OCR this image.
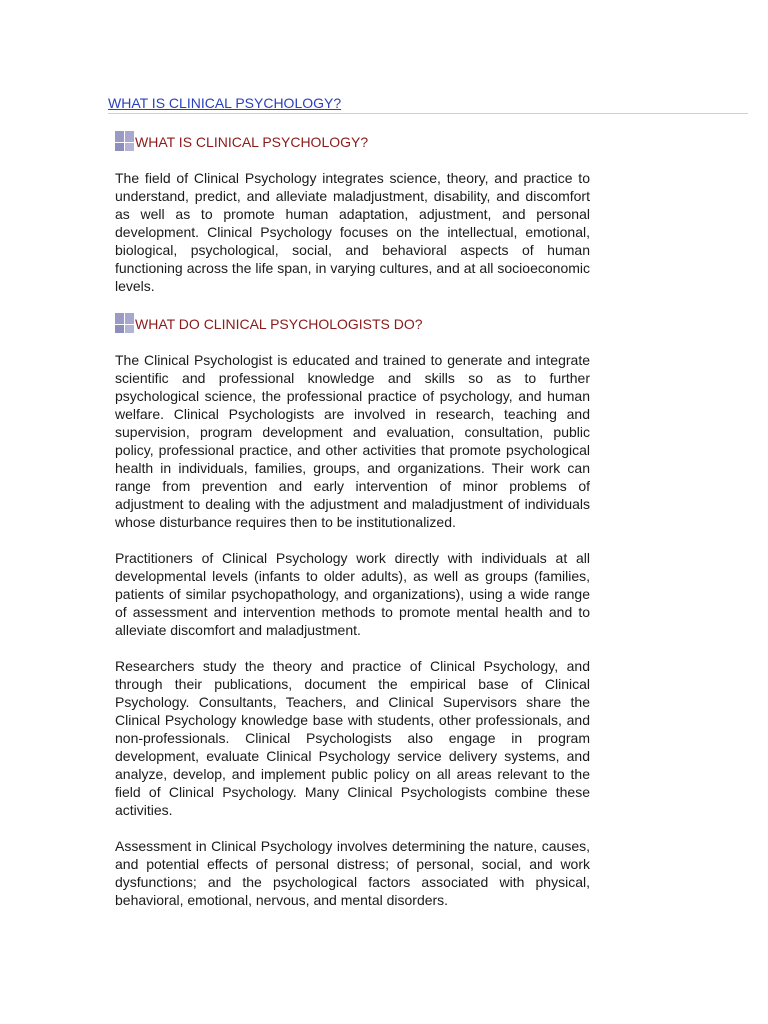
WHAT IS CLINICAL PSYCHOLOGY?
WHAT IS CLINICAL PSYCHOLOGY?

The field of Clinical Psychology integrates science, theory, and practice to understand, predict, and alleviate maladjustment, disability, and discomfort as well as to promote human adaptation, adjustment, and personal development. Clinical Psychology focuses on the intellectual, emotional, biological, psychological, social, and behavioral aspects of human functioning across the life span, in varying cultures, and at all socioeconomic levels.

WHAT DO CLINICAL PSYCHOLOGISTS DO?

The Clinical Psychologist is educated and trained to generate and integrate scientific and professional knowledge and skills so as to further psychological science, the professional practice of psychology, and human welfare. Clinical Psychologists are involved in research, teaching and supervision, program development and evaluation, consultation, public policy, professional practice, and other activities that promote psychological health in individuals, families, groups, and organizations. Their work can range from prevention and early intervention of minor problems of adjustment to dealing with the adjustment and maladjustment of individuals whose disturbance requires then to be institutionalized.

Practitioners of Clinical Psychology work directly with individuals at all developmental levels (infants to older adults), as well as groups (families, patients of similar psychopathology, and organizations), using a wide range of assessment and intervention methods to promote mental health and to alleviate discomfort and maladjustment.

Researchers study the theory and practice of Clinical Psychology, and through their publications, document the empirical base of Clinical Psychology. Consultants, Teachers, and Clinical Supervisors share the Clinical Psychology knowledge base with students, other professionals, and non-professionals. Clinical Psychologists also engage in program development, evaluate Clinical Psychology service delivery systems, and analyze, develop, and implement public policy on all areas relevant to the field of Clinical Psychology. Many Clinical Psychologists combine these activities.

Assessment in Clinical Psychology involves determining the nature, causes, and potential effects of personal distress; of personal, social, and work dysfunctions; and the psychological factors associated with physical, behavioral, emotional, nervous, and mental disorders.
